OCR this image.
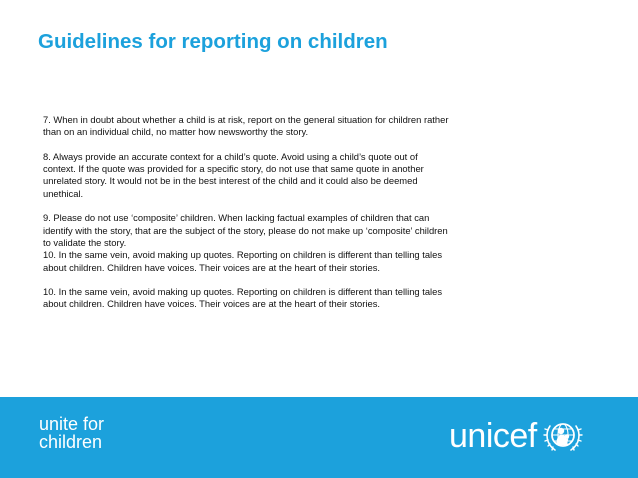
Guidelines for reporting on children

7. When in doubt about whether a child is at risk, report on the general situation for children rather than on an individual child, no matter how newsworthy the story.

8. Always provide an accurate context for a child’s quote. Avoid using a child’s quote out of context. If the quote was provided for a specific story, do not use that same quote in another unrelated story. It would not be in the best interest of the child and it could also be deemed unethical.

9. Please do not use ‘composite’ children. When lacking factual examples of children that can identify with the story, that are the subject of the story, please do not make up ‘composite’ children to validate the story.

10. In the same vein, avoid making up quotes. Reporting on children is different than telling tales about children. Children have voices. Their voices are at the heart of their stories.

10. In the same vein, avoid making up quotes. Reporting on children is different than telling tales about children. Children have voices. Their voices are at the heart of their stories.

unite for
children	unicef
